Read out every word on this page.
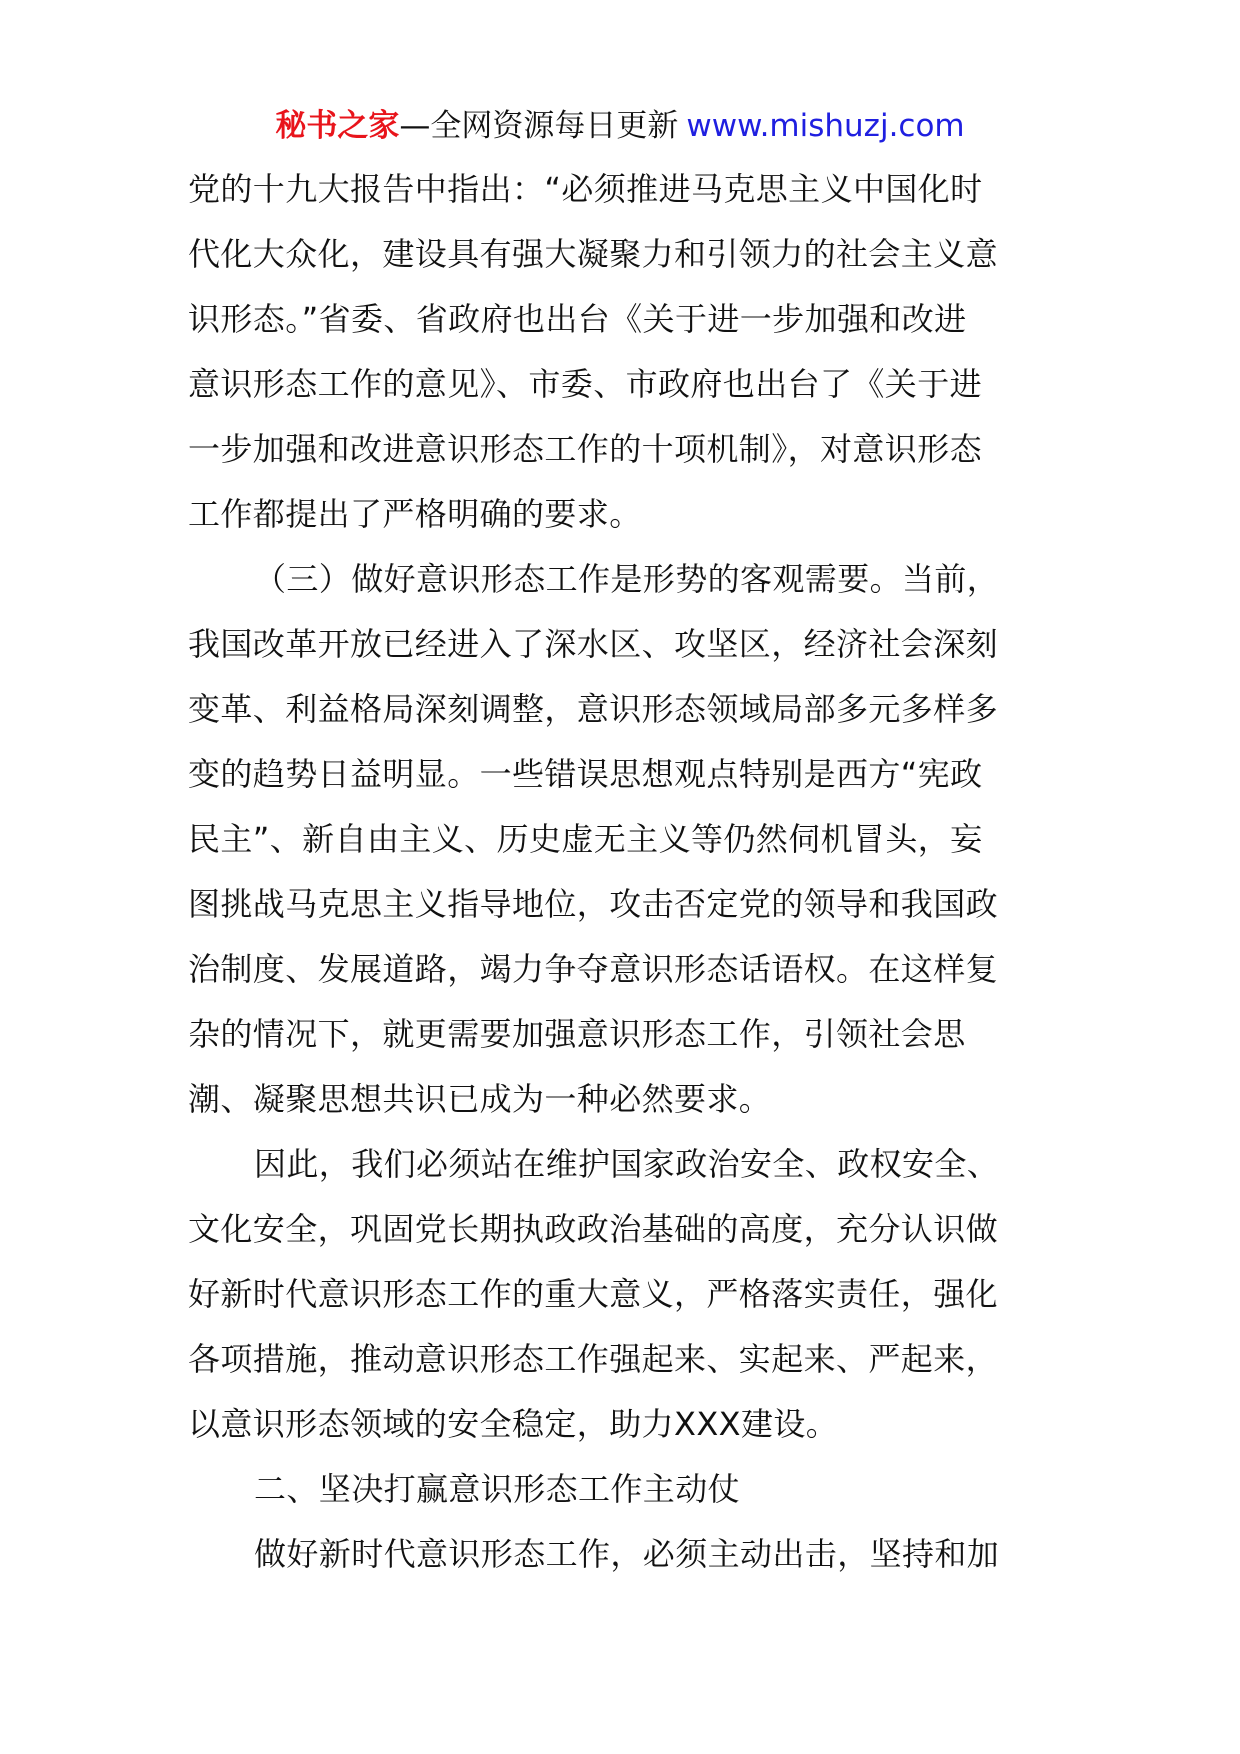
秘书之家—全网资源每日更新 www.mishuzj.com
党的十九大报告中指出：“必须推进马克思主义中国化时
代化大众化，建设具有强大凝聚力和引领力的社会主义意
识形态。”省委、省政府也出台《关于进一步加强和改进
意识形态工作的意见》、市委、市政府也出台了《关于进
一步加强和改进意识形态工作的十项机制》，对意识形态
工作都提出了严格明确的要求。
（三）做好意识形态工作是形势的客观需要。当前，
我国改革开放已经进入了深水区、攻坚区，经济社会深刻
变革、利益格局深刻调整，意识形态领域局部多元多样多
变的趋势日益明显。一些错误思想观点特别是西方“宪政
民主”、新自由主义、历史虚无主义等仍然伺机冒头，妄
图挑战马克思主义指导地位，攻击否定党的领导和我国政
治制度、发展道路，竭力争夺意识形态话语权。在这样复
杂的情况下，就更需要加强意识形态工作，引领社会思
潮、凝聚思想共识已成为一种必然要求。
因此，我们必须站在维护国家政治安全、政权安全、
文化安全，巩固党长期执政政治基础的高度，充分认识做
好新时代意识形态工作的重大意义，严格落实责任，强化
各项措施，推动意识形态工作强起来、实起来、严起来，
以意识形态领域的安全稳定，助力XXX建设。
二、坚决打赢意识形态工作主动仗
做好新时代意识形态工作，必须主动出击，坚持和加
